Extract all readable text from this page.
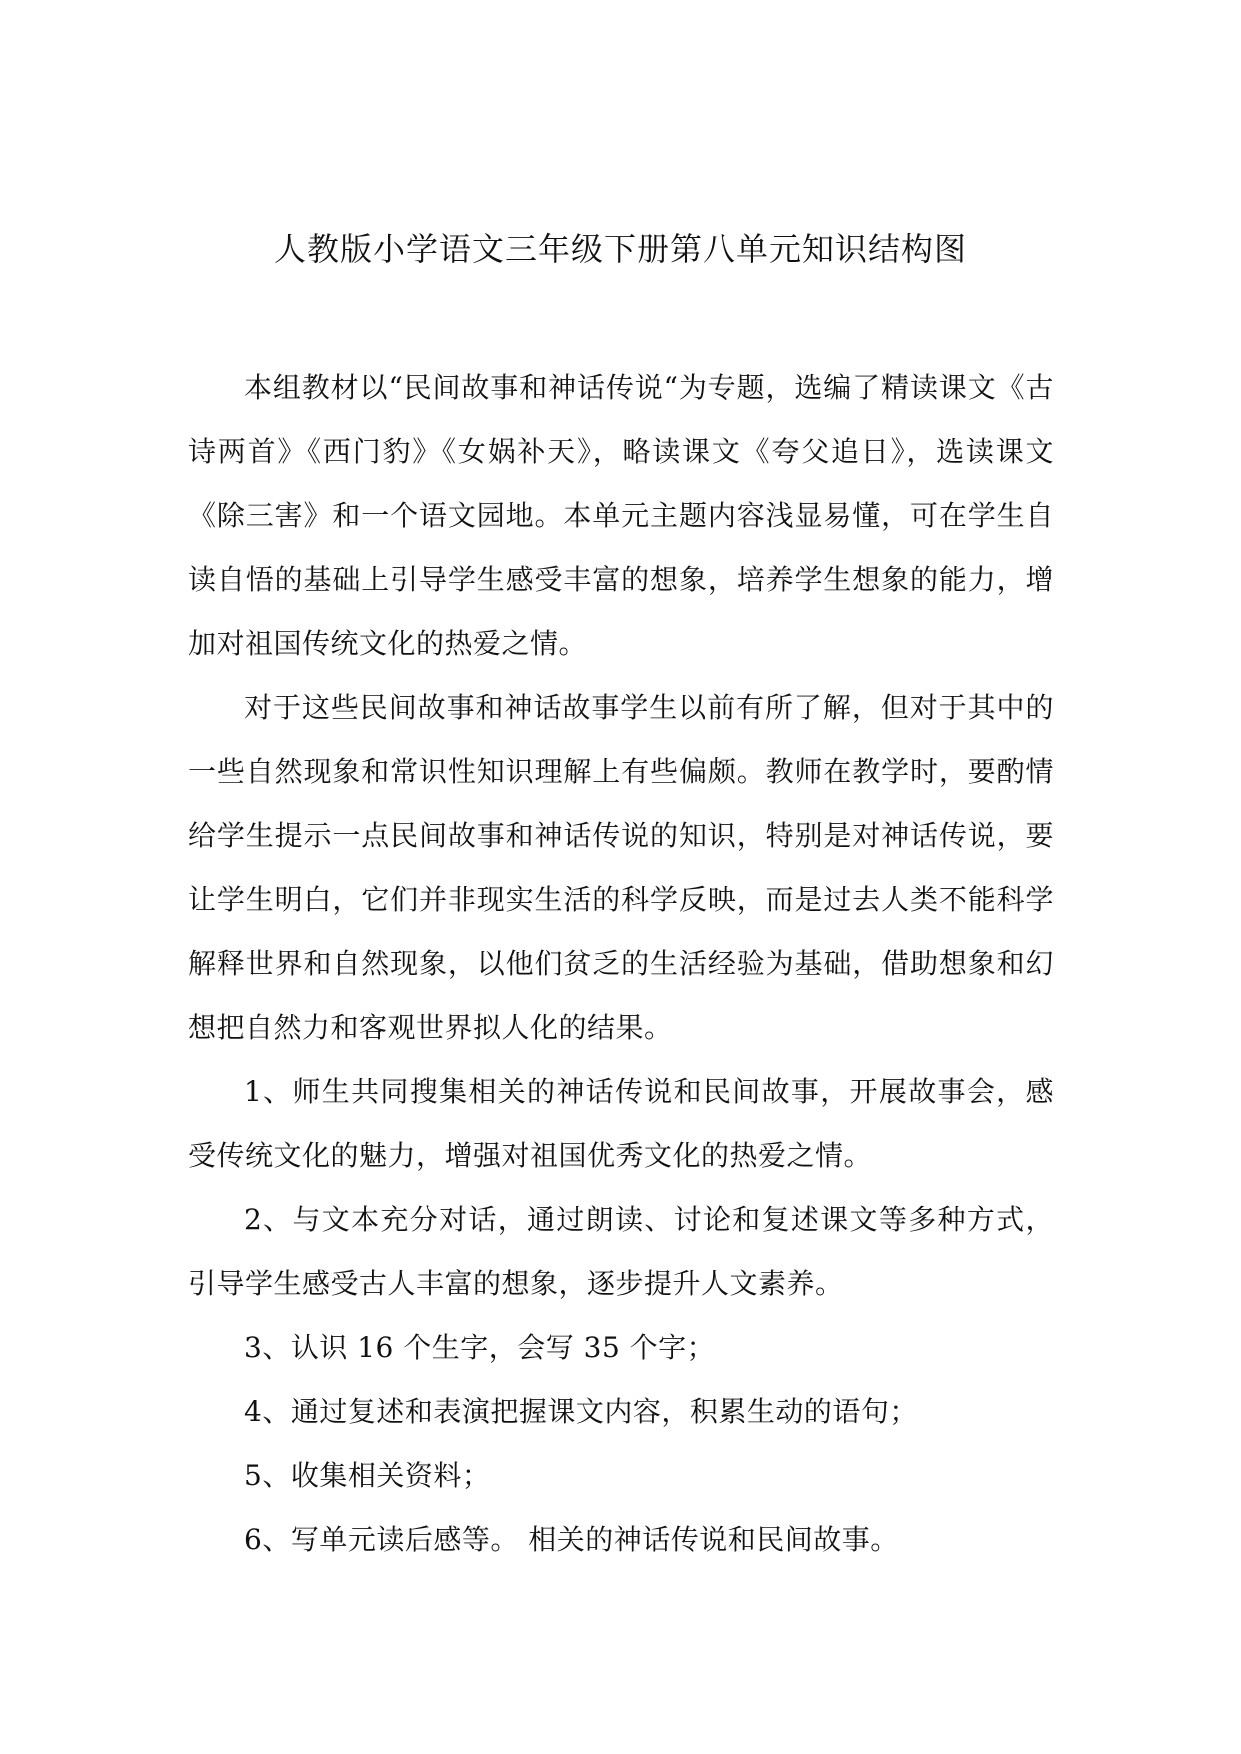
人教版小学语文三年级下册第八单元知识结构图

本组教材以“民间故事和神话传说“为专题，选编了精读课文《古诗两首》《西门豹》《女娲补天》，略读课文《夸父追日》，选读课文《除三害》和一个语文园地。本单元主题内容浅显易懂，可在学生自读自悟的基础上引导学生感受丰富的想象，培养学生想象的能力，增加对祖国传统文化的热爱之情。

对于这些民间故事和神话故事学生以前有所了解，但对于其中的一些自然现象和常识性知识理解上有些偏颇。教师在教学时，要酌情给学生提示一点民间故事和神话传说的知识，特别是对神话传说，要让学生明白，它们并非现实生活的科学反映，而是过去人类不能科学解释世界和自然现象，以他们贫乏的生活经验为基础，借助想象和幻想把自然力和客观世界拟人化的结果。

1、师生共同搜集相关的神话传说和民间故事，开展故事会，感受传统文化的魅力，增强对祖国优秀文化的热爱之情。

2、与文本充分对话，通过朗读、讨论和复述课文等多种方式，引导学生感受古人丰富的想象，逐步提升人文素养。

3、认识 16 个生字，会写 35 个字；

4、通过复述和表演把握课文内容，积累生动的语句；

5、收集相关资料；

6、写单元读后感等。 相关的神话传说和民间故事。
